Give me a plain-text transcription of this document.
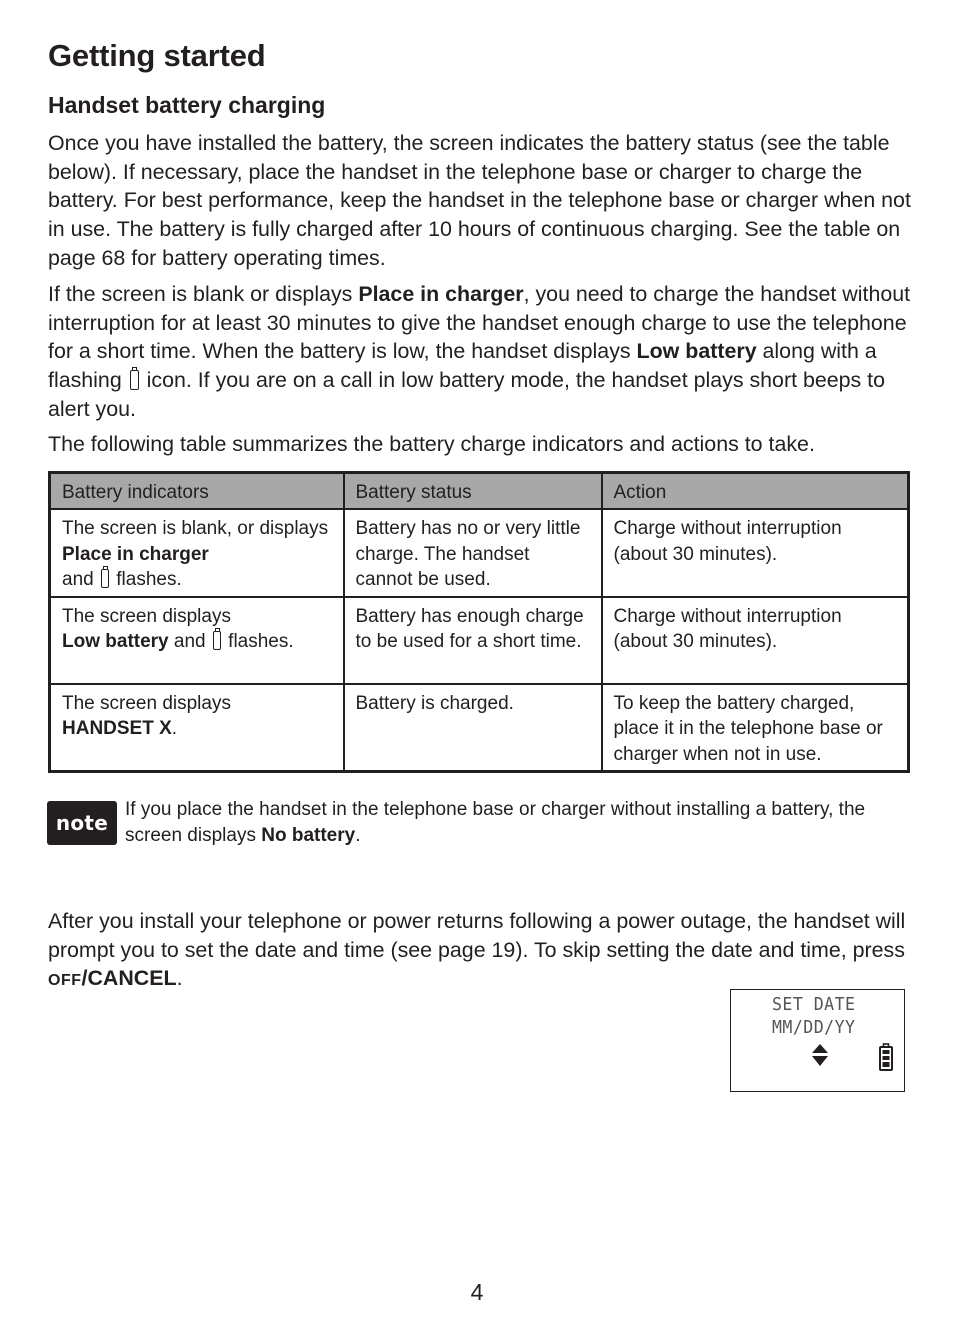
Getting started
Handset battery charging

Once you have installed the battery, the screen indicates the battery status (see the table below). If necessary, place the handset in the telephone base or charger to charge the battery. For best performance, keep the handset in the telephone base or charger when not in use. The battery is fully charged after 10 hours of continuous charging. See the table on page 68 for battery operating times.

If the screen is blank or displays Place in charger, you need to charge the handset without interruption for at least 30 minutes to give the handset enough charge to use the telephone for a short time. When the battery is low, the handset displays Low battery along with a flashing  icon. If you are on a call in low battery mode, the handset plays short beeps to alert you.

The following table summarizes the battery charge indicators and actions to take.

Battery indicators	Battery status	Action
The screen is blank, or displays Place in charger
and  flashes.	Battery has no or very little charge. The handset cannot be used.	Charge without interruption (about 30 minutes).
The screen displays
Low battery and  flashes.	Battery has enough charge to be used for a short time.	Charge without interruption (about 30 minutes).
The screen displays
HANDSET X.	Battery is charged.	To keep the battery charged, place it in the telephone base or charger when not in use.
note

If you place the handset in the telephone base or charger without installing a battery, the screen displays No battery.

After you install your telephone or power returns following a power outage, the handset will prompt you to set the date and time (see page 19). To skip setting the date and time, press OFF/CANCEL.

SET DATE
MM/DD/YY
4
